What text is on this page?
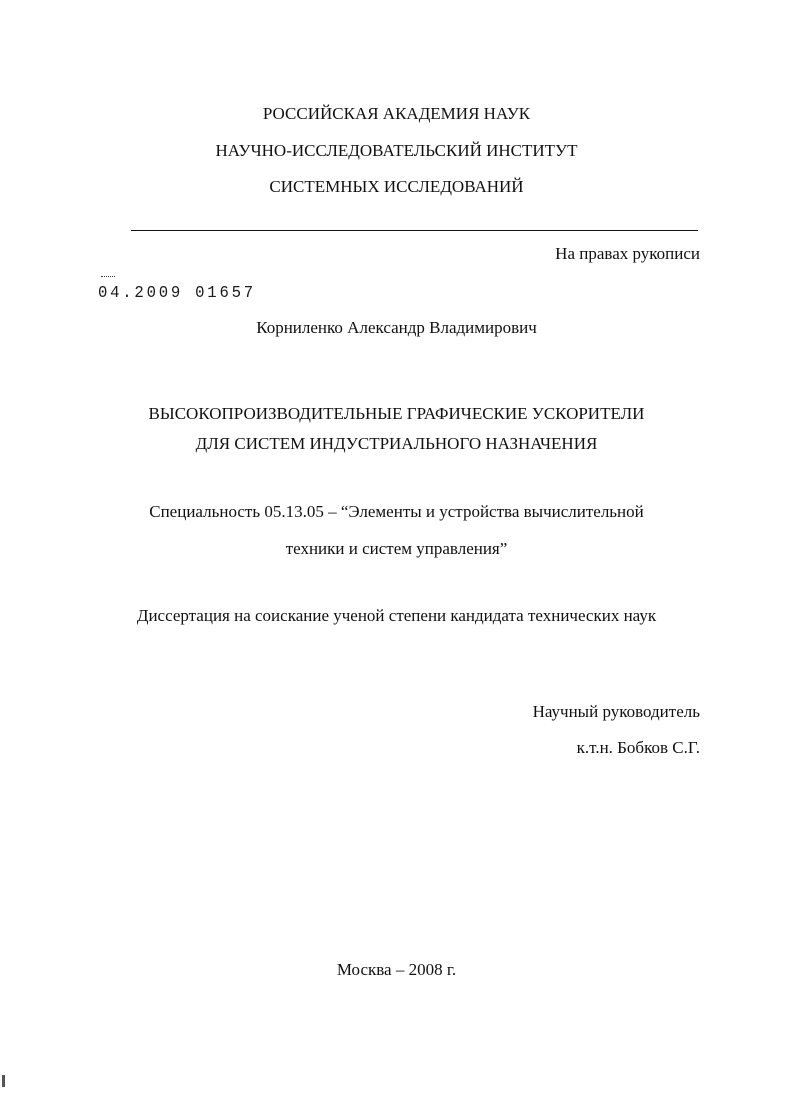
РОССИЙСКАЯ АКАДЕМИЯ НАУК
НАУЧНО-ИССЛЕДОВАТЕЛЬСКИЙ ИНСТИТУТ
СИСТЕМНЫХ ИССЛЕДОВАНИЙ
На правах рукописи
04.2009 01657
Корниленко Александр Владимирович
ВЫСОКОПРОИЗВОДИТЕЛЬНЫЕ ГРАФИЧЕСКИЕ УСКОРИТЕЛИ
ДЛЯ СИСТЕМ ИНДУСТРИАЛЬНОГО НАЗНАЧЕНИЯ
Специальность 05.13.05 – “Элементы и устройства вычислительной
техники и систем управления”
Диссертация на соискание ученой степени кандидата технических наук
Научный руководитель
к.т.н. Бобков С.Г.
Москва – 2008 г.
